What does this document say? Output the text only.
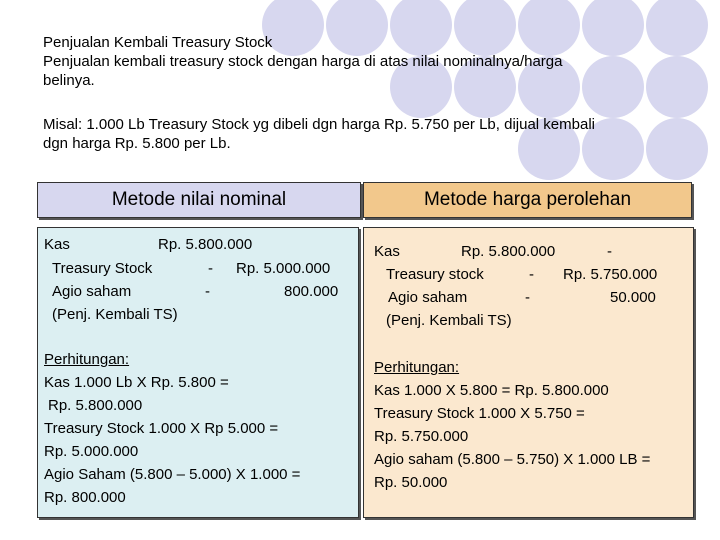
Penjualan Kembali Treasury Stock
Penjualan kembali treasury stock dengan harga di atas nilai nominalnya/harga
belinya.
Misal: 1.000 Lb Treasury Stock yg dibeli dgn harga Rp. 5.750 per Lb, dijual kembali
dgn harga Rp. 5.800 per Lb.
Metode nilai nominal	Metode harga perolehan
Kas	Rp. 5.800.000
Treasury Stock	- Rp. 5.000.000
Agio saham	-	800.000
(Penj. Kembali TS)
Perhitungan:
Kas 1.000 Lb X Rp. 5.800 =
Rp. 5.800.000
Treasury Stock 1.000 X Rp 5.000 =
Rp. 5.000.000
Agio Saham (5.800 – 5.000) X 1.000 =
Rp. 800.000
Kas	Rp. 5.800.000	-
Treasury stock	- Rp. 5.750.000
Agio saham	-	50.000
(Penj. Kembali TS)
Perhitungan:
Kas 1.000 X 5.800 = Rp. 5.800.000
Treasury Stock 1.000 X 5.750 =
Rp. 5.750.000
Agio saham (5.800 – 5.750) X 1.000 LB =
Rp. 50.000
